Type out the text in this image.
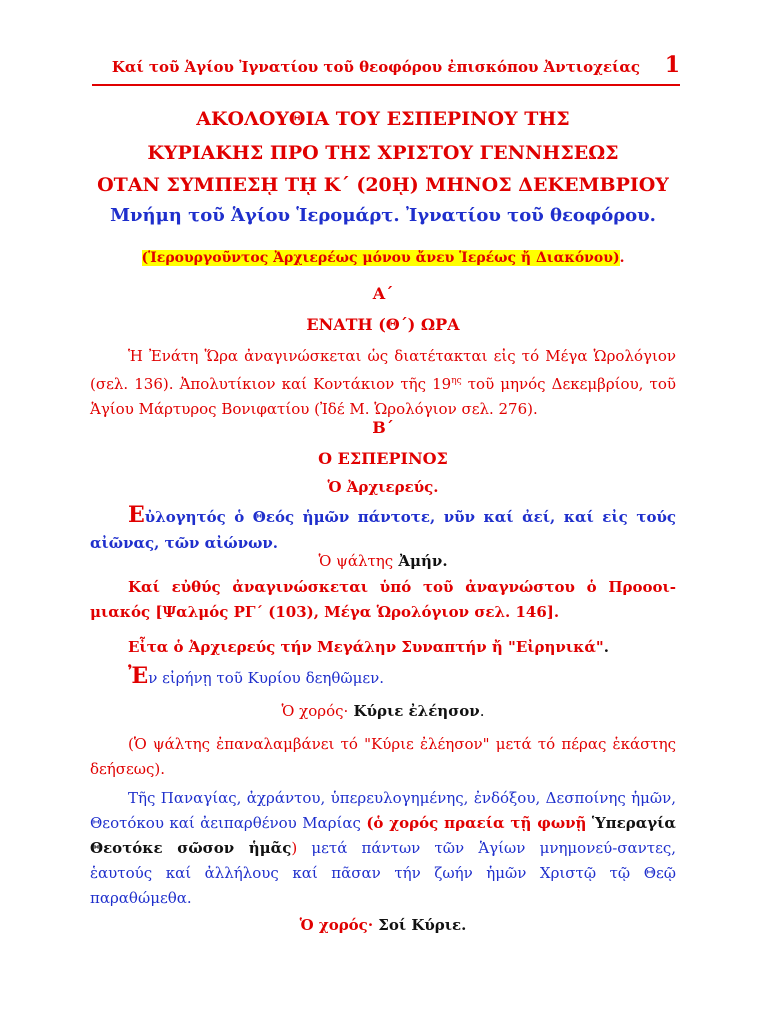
Καί τοῦ Ἁγίου Ἰγνατίου τοῦ θεοφόρου ἐπισκόπου Ἀντιοχείας 1
ΑΚΟΛΟΥΘΙΑ ΤΟΥ ΕΣΠΕΡΙΝΟΥ ΤΗΣ
ΚΥΡΙΑΚΗΣ ΠΡΟ ΤΗΣ ΧΡΙΣΤΟΥ ΓΕΝΝΗΣΕΩΣ
ΟΤΑΝ ΣΥΜΠΕΣῌ Τῌ Κ΄ (20ῌ) ΜΗΝΟΣ ΔΕΚΕΜΒΡΙΟΥ
Μνήμη τοῦ Ἁγίου Ἱερομάρτ. Ἰγνατίου τοῦ θεοφόρου.
(Ἱερουργοῦντος Ἀρχιερέως μόνου ἄνευ Ἱερέως ἤ Διακόνου).
Α΄
ΕΝΑΤΗ (Θ΄) ΩΡΑ
Ἡ Ἐνάτη Ὥρα ἀναγινώσκεται ὡς διατέτακται εἰς τό Μέγα Ὡρολόγιον (σελ. 136). Ἀπολυτίκιον καί Κοντάκιον τῆς $19^{\eta\varsigma}$ τοῦ μηνός Δεκεμβρίου, τοῦ Ἁγίου Μάρτυρος Βονιφατίου (Ἰδέ Μ. Ὡρολόγιον σελ. 276).
Β΄
Ο ΕΣΠΕΡΙΝΟΣ
Ὁ Ἀρχιερεύς.
Εὐλογητός ὁ Θεός ἡμῶν πάντοτε, νῦν καί ἀεί, καί εἰς τούς αἰῶνας, τῶν αἰώνων.
Ὁ ψάλτης Ἀμήν.
Καί εὐθύς ἀναγινώσκεται ὑπό τοῦ ἀναγνώστου ὁ Προοοι-μιακός [Ψαλμός ΡΓ΄ (103), Μέγα Ὡρολόγιον σελ. 146].
Εἶτα ὁ Ἀρχιερεύς τήν Μεγάλην Συναπτήν ἤ "Εἰρηνικά".
Ἐν εἰρήνῃ τοῦ Κυρίου δεηθῶμεν.
Ὁ χορός· Κύριε ἐλέησον.
(Ὁ ψάλτης ἐπαναλαμβάνει τό "Κύριε ἐλέησον" μετά τό πέρας ἑκάστης δεήσεως).
Τῆς Παναγίας, ἀχράντου, ὑπερευλογημένης, ἐνδόξου, Δεσποίνης ἡμῶν, Θεοτόκου καί ἀειπαρθένου Μαρίας (ὁ χορός πραεία τῇ φωνῇ Ὑπεραγία Θεοτόκε σῶσον ἡμᾶς) μετά πάντων τῶν Ἁγίων μνημονεύ-σαντες, ἑαυτούς καί ἀλλήλους καί πᾶσαν τήν ζωήν ἡμῶν Χριστῷ τῷ Θεῷ παραθώμεθα.
Ὁ χορός· Σοί Κύριε.
